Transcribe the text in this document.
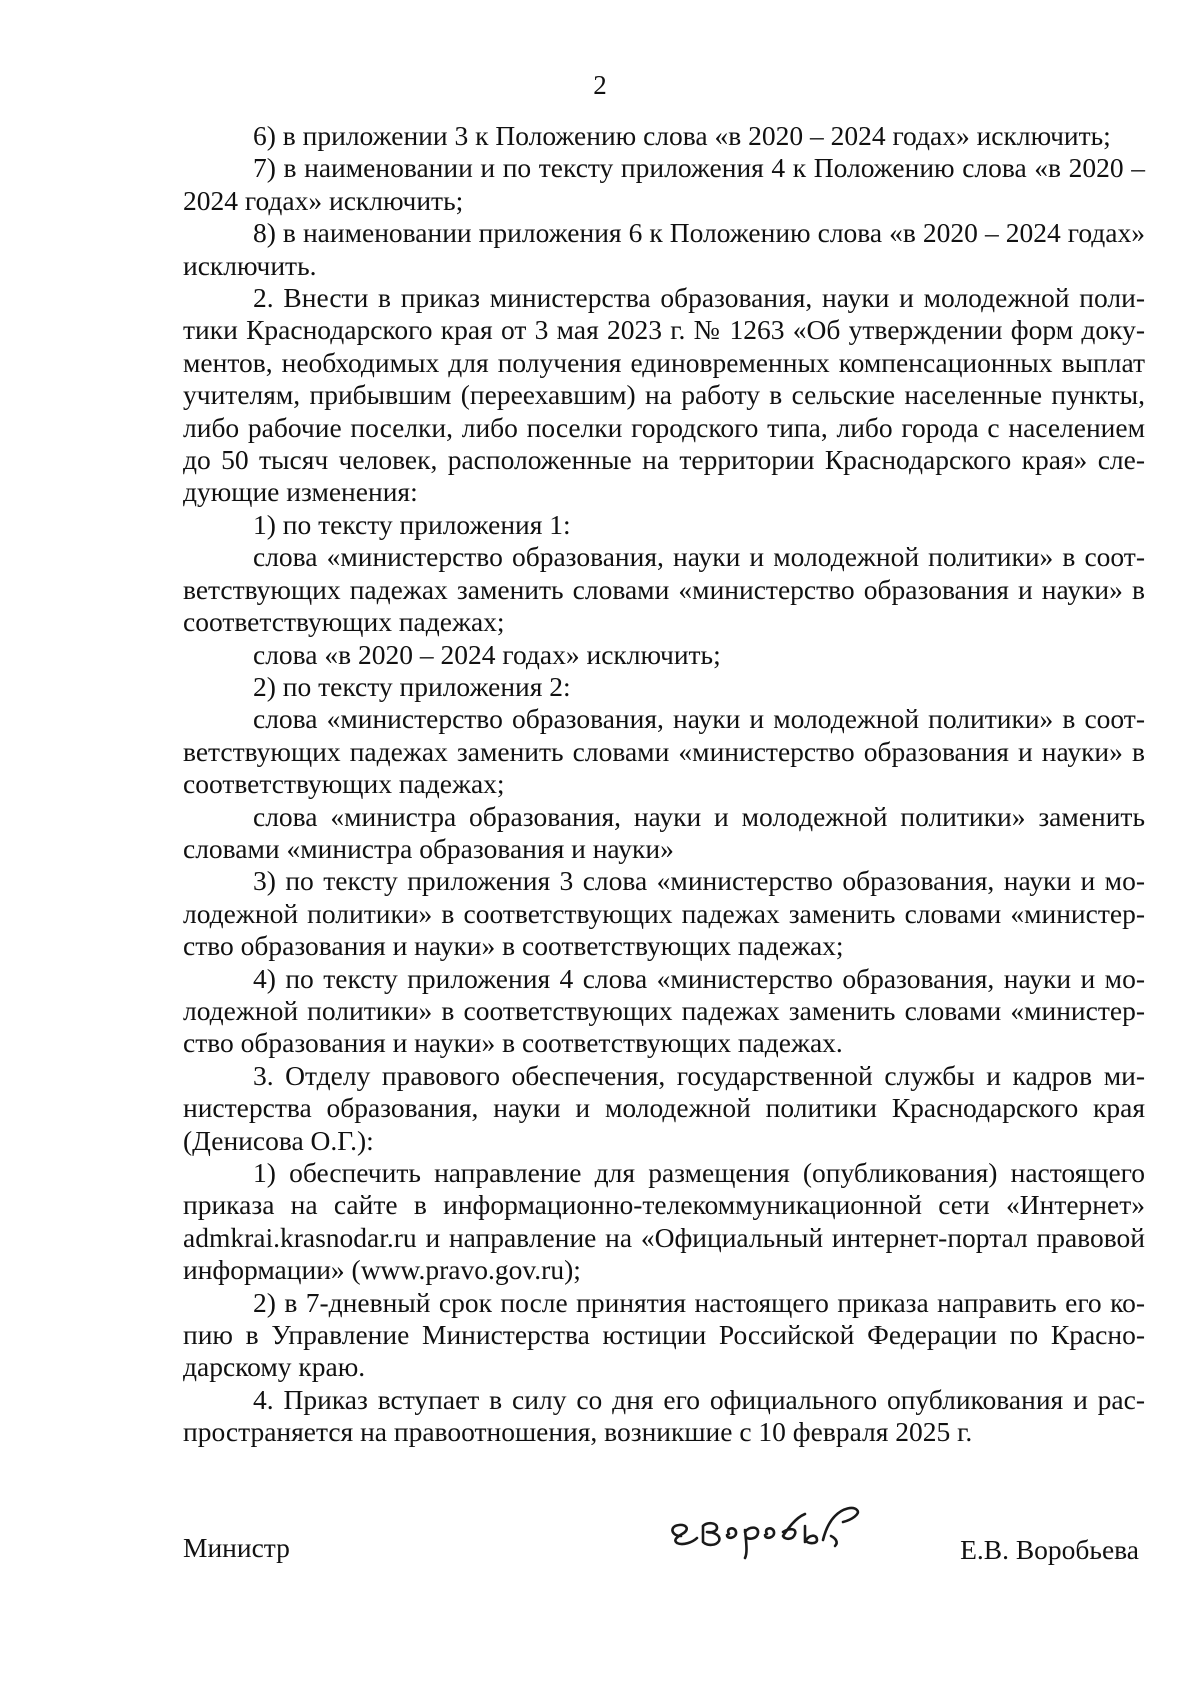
2

6) в приложении 3 к Положению слова «в 2020 – 2024 годах» исключить;

7) в наименовании и по тексту приложения 4 к Положению слова «в 2020 – 2024 годах» исключить;

8) в наименовании приложения 6 к Положению слова «в 2020 – 2024 годах» исключить.

2. Внести в приказ министерства образования, науки и молодежной политики Краснодарского края от 3 мая 2023 г. № 1263 «Об утверждении форм документов, необходимых для получения единовременных компенсационных выплат учителям, прибывшим (переехавшим) на работу в сельские населенные пункты, либо рабочие поселки, либо поселки городского типа, либо города с населением до 50 тысяч человек, расположенные на территории Краснодарского края» следующие изменения:

1) по тексту приложения 1:

слова «министерство образования, науки и молодежной политики» в соответствующих падежах заменить словами «министерство образования и науки» в соответствующих падежах;

слова «в 2020 – 2024 годах» исключить;

2) по тексту приложения 2:

слова «министерство образования, науки и молодежной политики» в соответствующих падежах заменить словами «министерство образования и науки» в соответствующих падежах;

слова «министра образования, науки и молодежной политики» заменить словами «министра образования и науки»

3) по тексту приложения 3 слова «министерство образования, науки и молодежной политики» в соответствующих падежах заменить словами «министерство образования и науки» в соответствующих падежах;

4) по тексту приложения 4 слова «министерство образования, науки и молодежной политики» в соответствующих падежах заменить словами «министерство образования и науки» в соответствующих падежах.

3. Отделу правового обеспечения, государственной службы и кадров министерства образования, науки и молодежной политики Краснодарского края (Денисова О.Г.):

1) обеспечить направление для размещения (опубликования) настоящего приказа на сайте в информационно-телекоммуникационной сети «Интернет» admkrai.krasnodar.ru и направление на «Официальный интернет-портал правовой информации» (www.pravo.gov.ru);

2) в 7-дневный срок после принятия настоящего приказа направить его копию в Управление Министерства юстиции Российской Федерации по Краснодарскому краю.

4. Приказ вступает в силу со дня его официального опубликования и распространяется на правоотношения, возникшие с 10 февраля 2025 г.

Министр	Е.В. Воробьева
